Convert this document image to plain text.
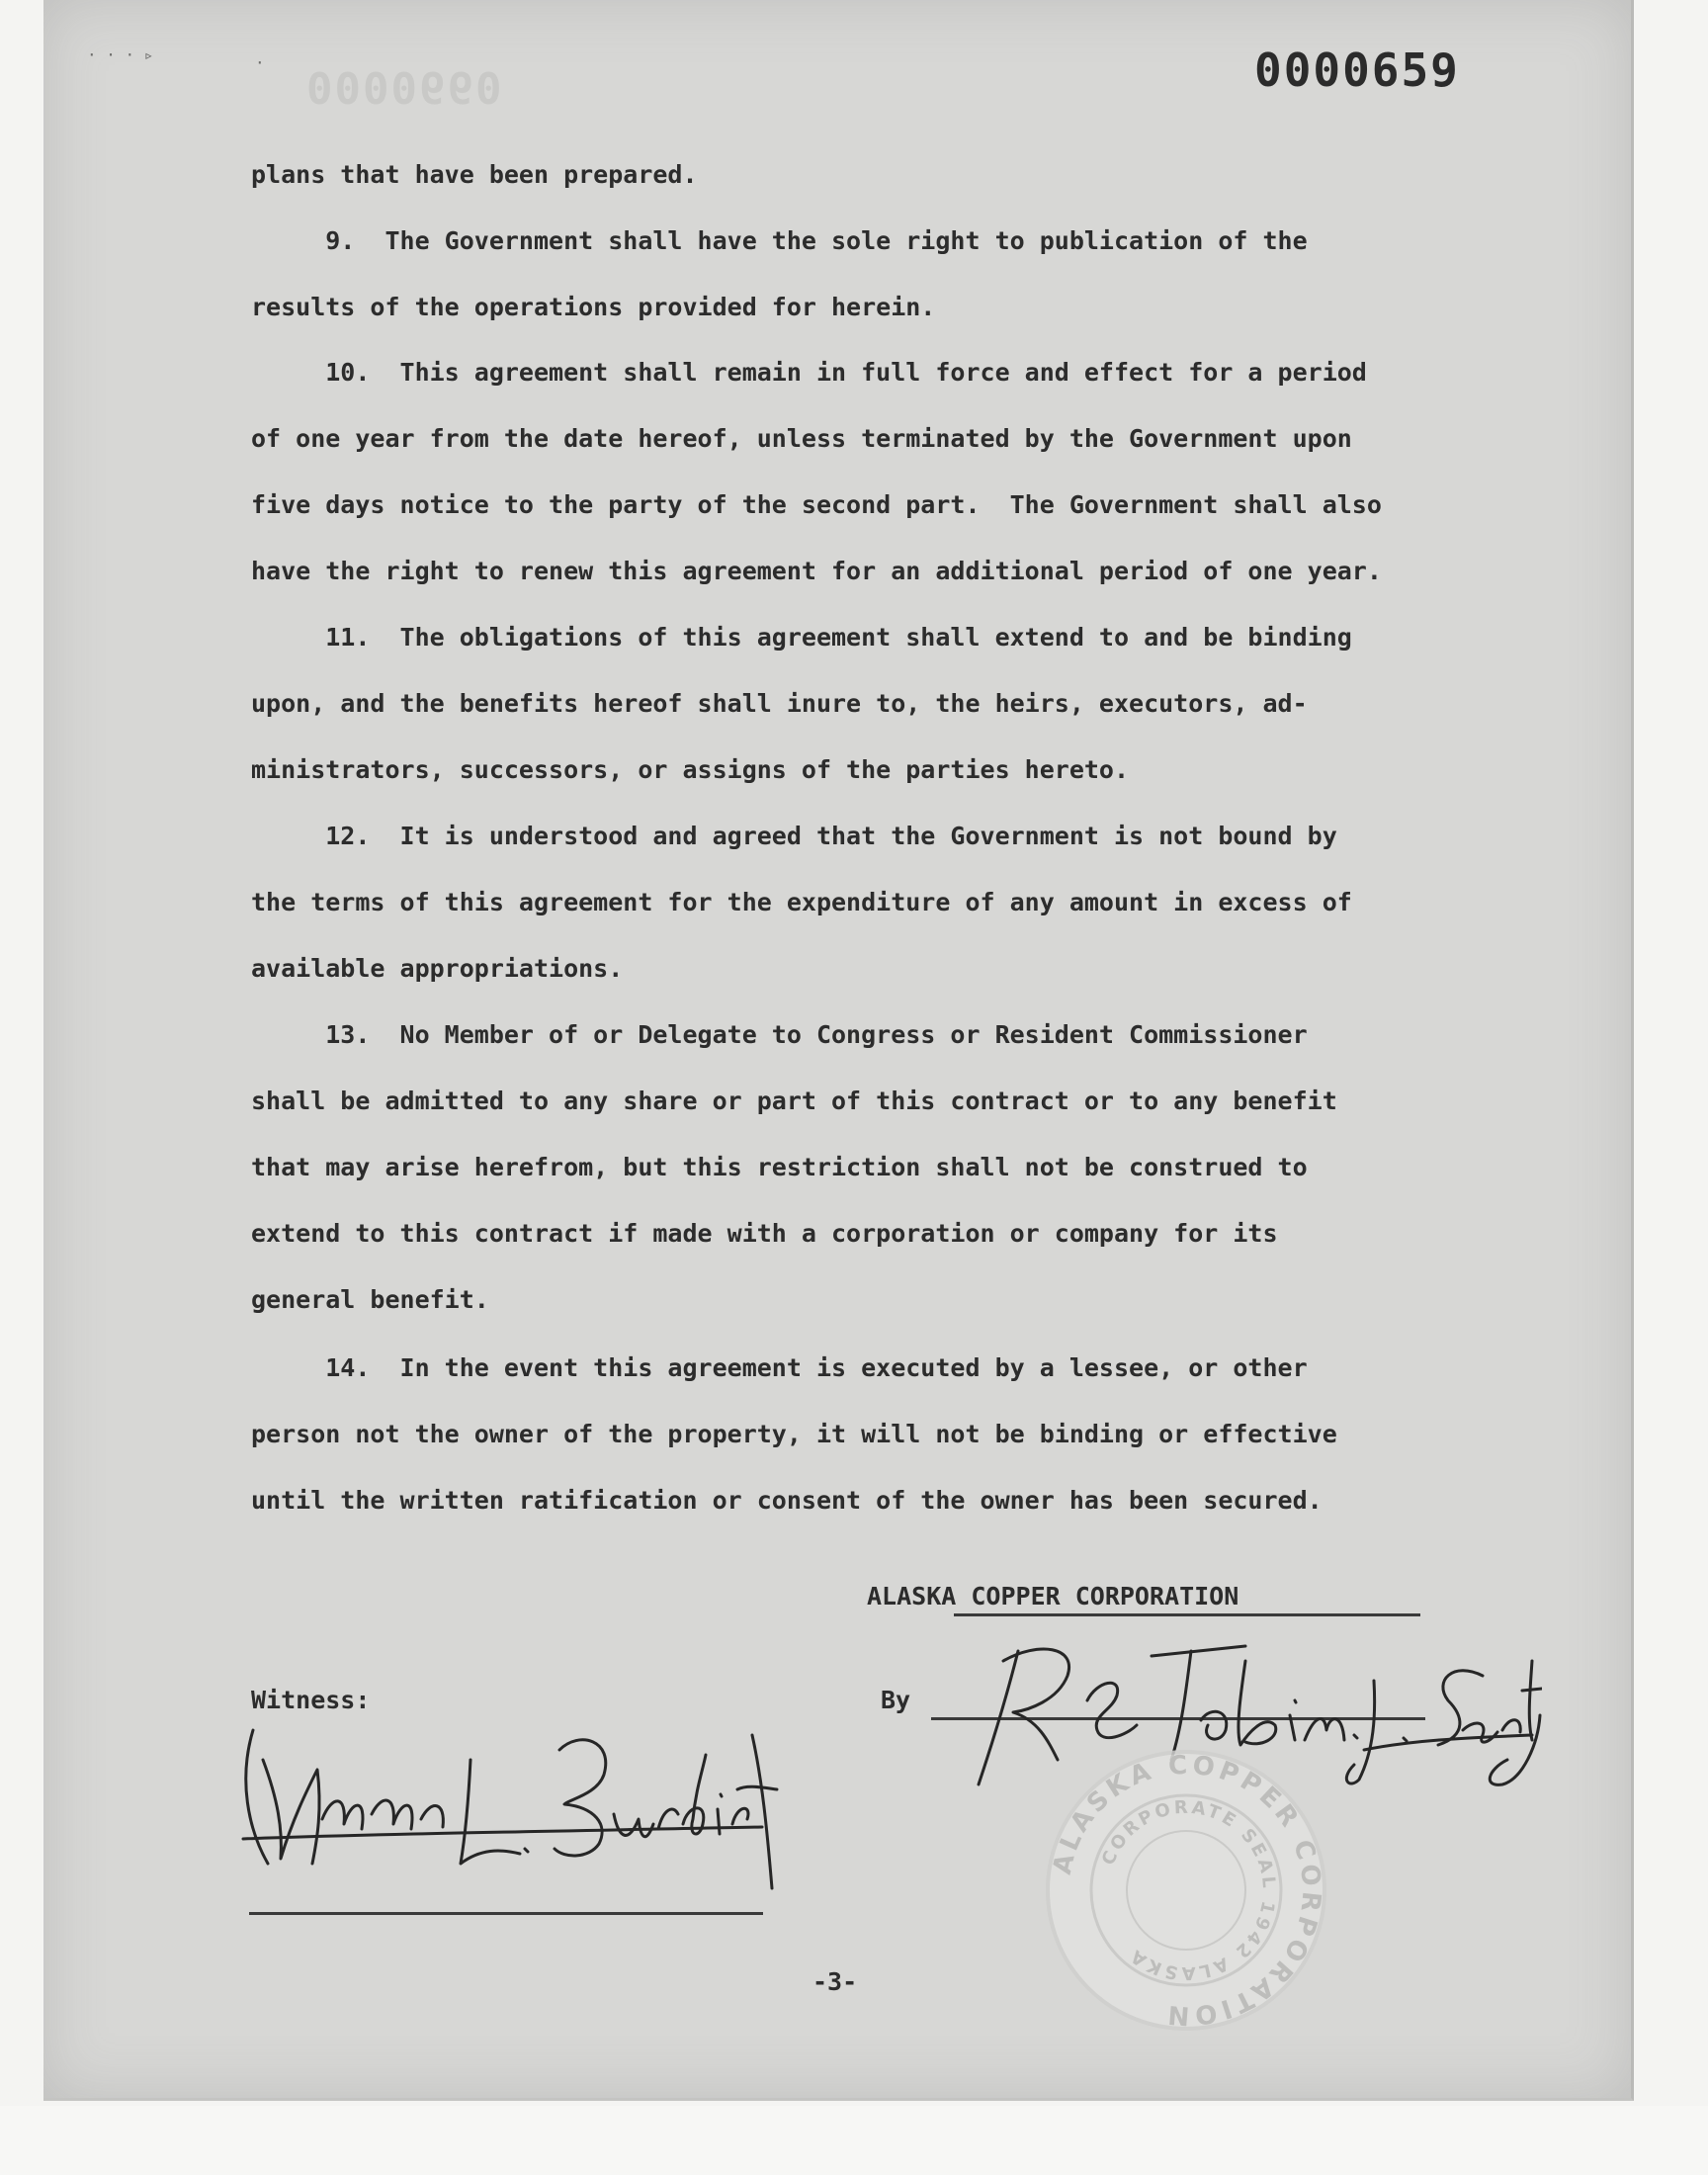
· · · ▹	· 0000660	0000659
plans that have been prepared.
9.  The Government shall have the sole right to publication of the
results of the operations provided for herein.
10.  This agreement shall remain in full force and effect for a period
of one year from the date hereof, unless terminated by the Government upon
five days notice to the party of the second part.  The Government shall also
have the right to renew this agreement for an additional period of one year.
11.  The obligations of this agreement shall extend to and be binding
upon, and the benefits hereof shall inure to, the heirs, executors, ad-
ministrators, successors, or assigns of the parties hereto.
12.  It is understood and agreed that the Government is not bound by
the terms of this agreement for the expenditure of any amount in excess of
available appropriations.
13.  No Member of or Delegate to Congress or Resident Commissioner
shall be admitted to any share or part of this contract or to any benefit
that may arise herefrom, but this restriction shall not be construed to
extend to this contract if made with a corporation or company for its
general benefit.
14.  In the event this agreement is executed by a lessee, or other
person not the owner of the property, it will not be binding or effective
until the written ratification or consent of the owner has been secured.
ALASKA COPPER CORPORATION
Witness:	By
ALASKA COPPER CORPORATION
CORPORATE SEAL 1942 ALASKA
-3-
